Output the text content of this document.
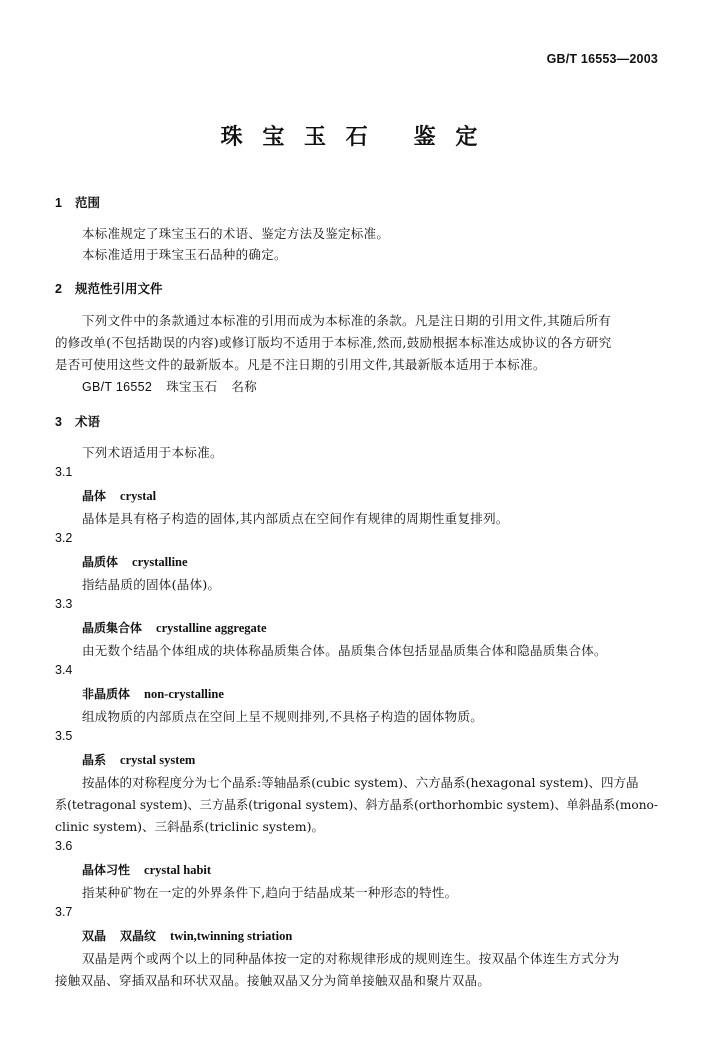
GB/T 16553—2003
珠 宝 玉 石 鉴 定
1 范围
本标准规定了珠宝玉石的术语、鉴定方法及鉴定标准。
本标准适用于珠宝玉石品种的确定。
2 规范性引用文件
下列文件中的条款通过本标准的引用而成为本标准的条款。凡是注日期的引用文件,其随后所有
的修改单(不包括勘误的内容)或修订版均不适用于本标准,然而,鼓励根据本标准达成协议的各方研究
是否可使用这些文件的最新版本。凡是不注日期的引用文件,其最新版本适用于本标准。
GB/T 16552 珠宝玉石 名称
3 术语
下列术语适用于本标准。
3.1
晶体 crystal
晶体是具有格子构造的固体,其内部质点在空间作有规律的周期性重复排列。
3.2
晶质体 crystalline
指结晶质的固体(晶体)。
3.3
晶质集合体 crystalline aggregate
由无数个结晶个体组成的块体称晶质集合体。晶质集合体包括显晶质集合体和隐晶质集合体。
3.4
非晶质体 non-crystalline
组成物质的内部质点在空间上呈不规则排列,不具格子构造的固体物质。
3.5
晶系 crystal system
按晶体的对称程度分为七个晶系:等轴晶系(cubic system)、六方晶系(hexagonal system)、四方晶
系(tetragonal system)、三方晶系(trigonal system)、斜方晶系(orthorhombic system)、单斜晶系(mono-
clinic system)、三斜晶系(triclinic system)。
3.6
晶体习性 crystal habit
指某种矿物在一定的外界条件下,趋向于结晶成某一种形态的特性。
3.7
双晶 双晶纹 twin,twinning striation
双晶是两个或两个以上的同种晶体按一定的对称规律形成的规则连生。按双晶个体连生方式分为
接触双晶、穿插双晶和环状双晶。接触双晶又分为简单接触双晶和聚片双晶。
